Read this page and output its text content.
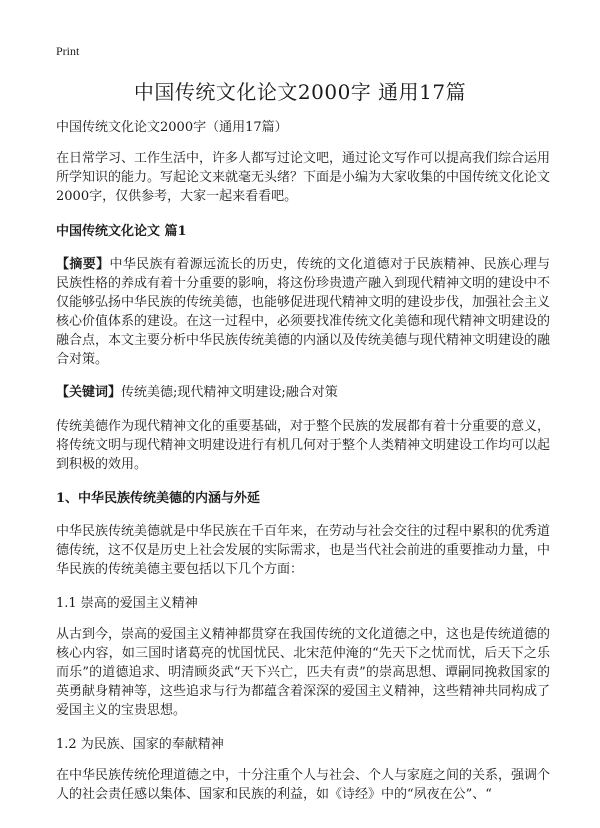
Print
中国传统文化论文2000字 通用17篇

中国传统文化论文2000字（通用17篇）

在日常学习、工作生活中，许多人都写过论文吧，通过论文写作可以提高我们综合运用所学知识的能力。写起论文来就毫无头绪？下面是小编为大家收集的中国传统文化论文2000字，仅供参考，大家一起来看看吧。

中国传统文化论文 篇1

【摘要】中华民族有着源远流长的历史，传统的文化道德对于民族精神、民族心理与民族性格的养成有着十分重要的影响，将这份珍贵遗产融入到现代精神文明的建设中不仅能够弘扬中华民族的传统美德，也能够促进现代精神文明的建设步伐，加强社会主义核心价值体系的建设。在这一过程中，必须要找准传统文化美德和现代精神文明建设的融合点，本文主要分析中华民族传统美德的内涵以及传统美德与现代精神文明建设的融合对策。

【关键词】传统美德;现代精神文明建设;融合对策

传统美德作为现代精神文化的重要基础，对于整个民族的发展都有着十分重要的意义，将传统文明与现代精神文明建设进行有机几何对于整个人类精神文明建设工作均可以起到积极的效用。

1、中华民族传统美德的内涵与外延

中华民族传统美德就是中华民族在千百年来，在劳动与社会交往的过程中累积的优秀道德传统，这不仅是历史上社会发展的实际需求，也是当代社会前进的重要推动力量，中华民族的传统美德主要包括以下几个方面：

1.1 崇高的爱国主义精神

从古到今，崇高的爱国主义精神都贯穿在我国传统的文化道德之中，这也是传统道德的核心内容，如三国时诸葛亮的忧国忧民、北宋范仲淹的“先天下之忧而忧，后天下之乐而乐”的道德追求、明清顾炎武“天下兴亡，匹夫有责”的崇高思想、谭嗣同挽救国家的英勇献身精神等，这些追求与行为都蕴含着深深的爱国主义精神，这些精神共同构成了爱国主义的宝贵思想。

1.2 为民族、国家的奉献精神

在中华民族传统伦理道德之中，十分注重个人与社会、个人与家庭之间的关系，强调个人的社会责任感以集体、国家和民族的利益，如《诗经》中的“夙夜在公”、“
